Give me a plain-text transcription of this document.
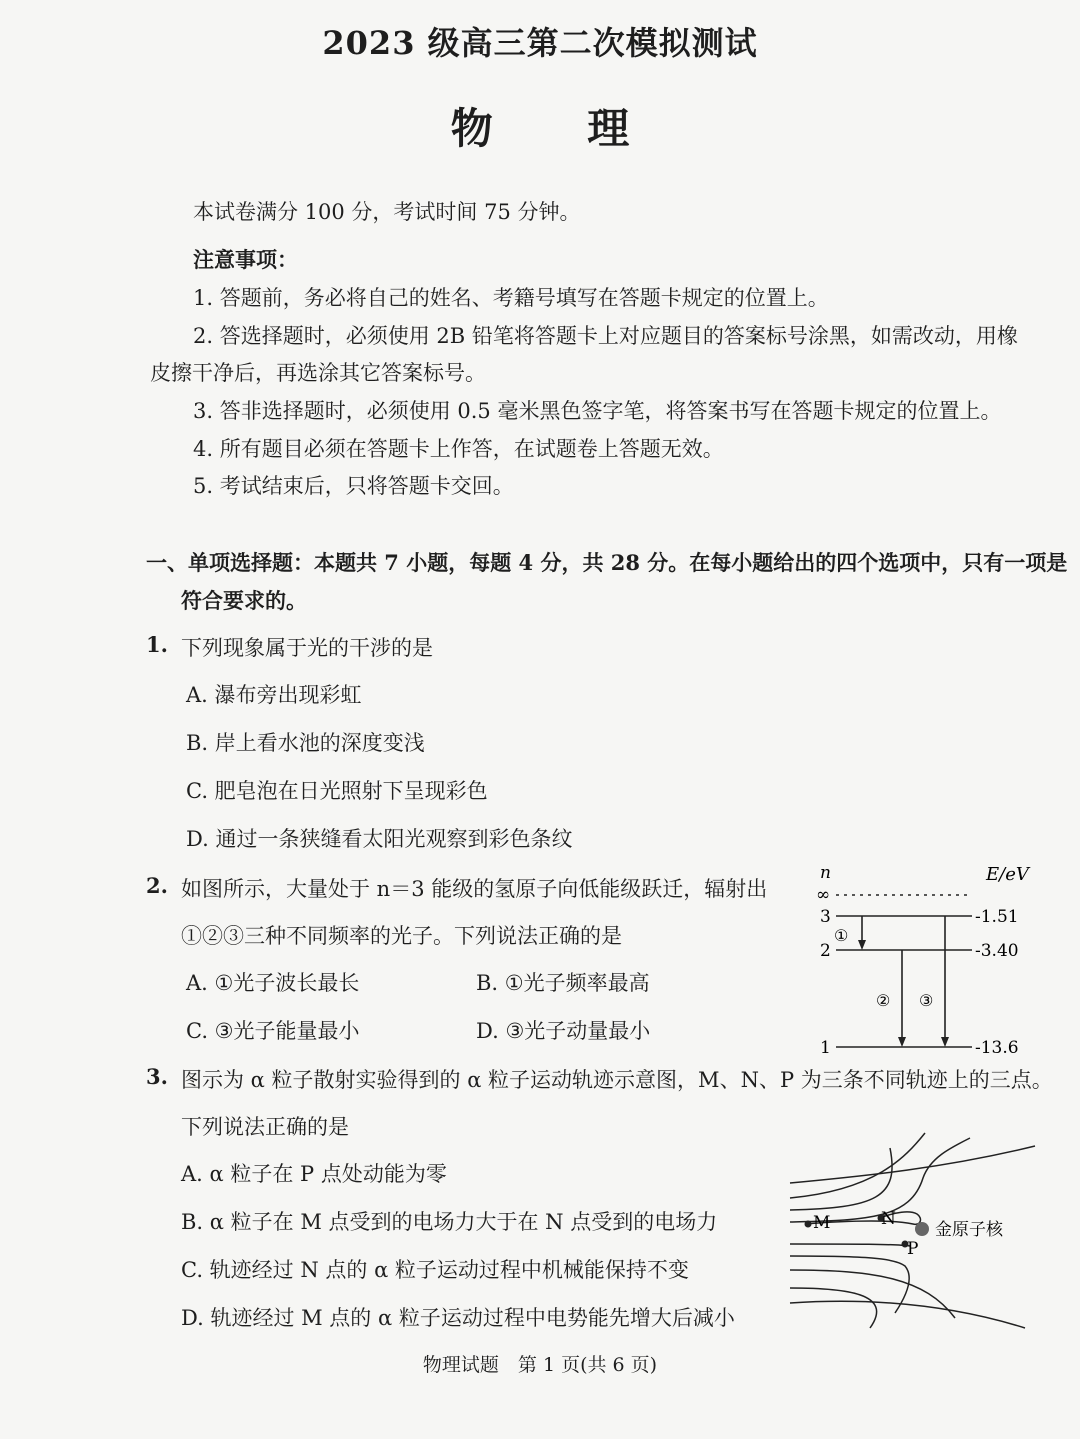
2023 级高三第二次模拟测试
物 理
本试卷满分 100 分，考试时间 75 分钟。
注意事项：
1. 答题前，务必将自己的姓名、考籍号填写在答题卡规定的位置上。
2. 答选择题时，必须使用 2B 铅笔将答题卡上对应题目的答案标号涂黑，如需改动，用橡
皮擦干净后，再选涂其它答案标号。
3. 答非选择题时，必须使用 0.5 毫米黑色签字笔，将答案书写在答题卡规定的位置上。
4. 所有题目必须在答题卡上作答，在试题卷上答题无效。
5. 考试结束后，只将答题卡交回。
一、单项选择题：本题共 7 小题，每题 4 分，共 28 分。在每小题给出的四个选项中，只有一项是
符合要求的。
1. 下列现象属于光的干涉的是
A. 瀑布旁出现彩虹
B. 岸上看水池的深度变浅
C. 肥皂泡在日光照射下呈现彩色
D. 通过一条狭缝看太阳光观察到彩色条纹
2. 如图所示，大量处于 n＝3 能级的氢原子向低能级跃迁，辐射出
①②③三种不同频率的光子。下列说法正确的是
A. ①光子波长最长	B. ①光子频率最高
C. ③光子能量最小	D. ③光子动量最小
n	E/eV
∞
3	-1.51
2	-3.40
1	-13.6
①
② ③
3. 图示为 α 粒子散射实验得到的 α 粒子运动轨迹示意图，M、N、P 为三条不同轨迹上的三点。
下列说法正确的是
A. α 粒子在 P 点处动能为零
B. α 粒子在 M 点受到的电场力大于在 N 点受到的电场力
C. 轨迹经过 N 点的 α 粒子运动过程中机械能保持不变
D. 轨迹经过 M 点的 α 粒子运动过程中电势能先增大后减小
M	N
P
金原子核
物理试题　第 1 页(共 6 页)
